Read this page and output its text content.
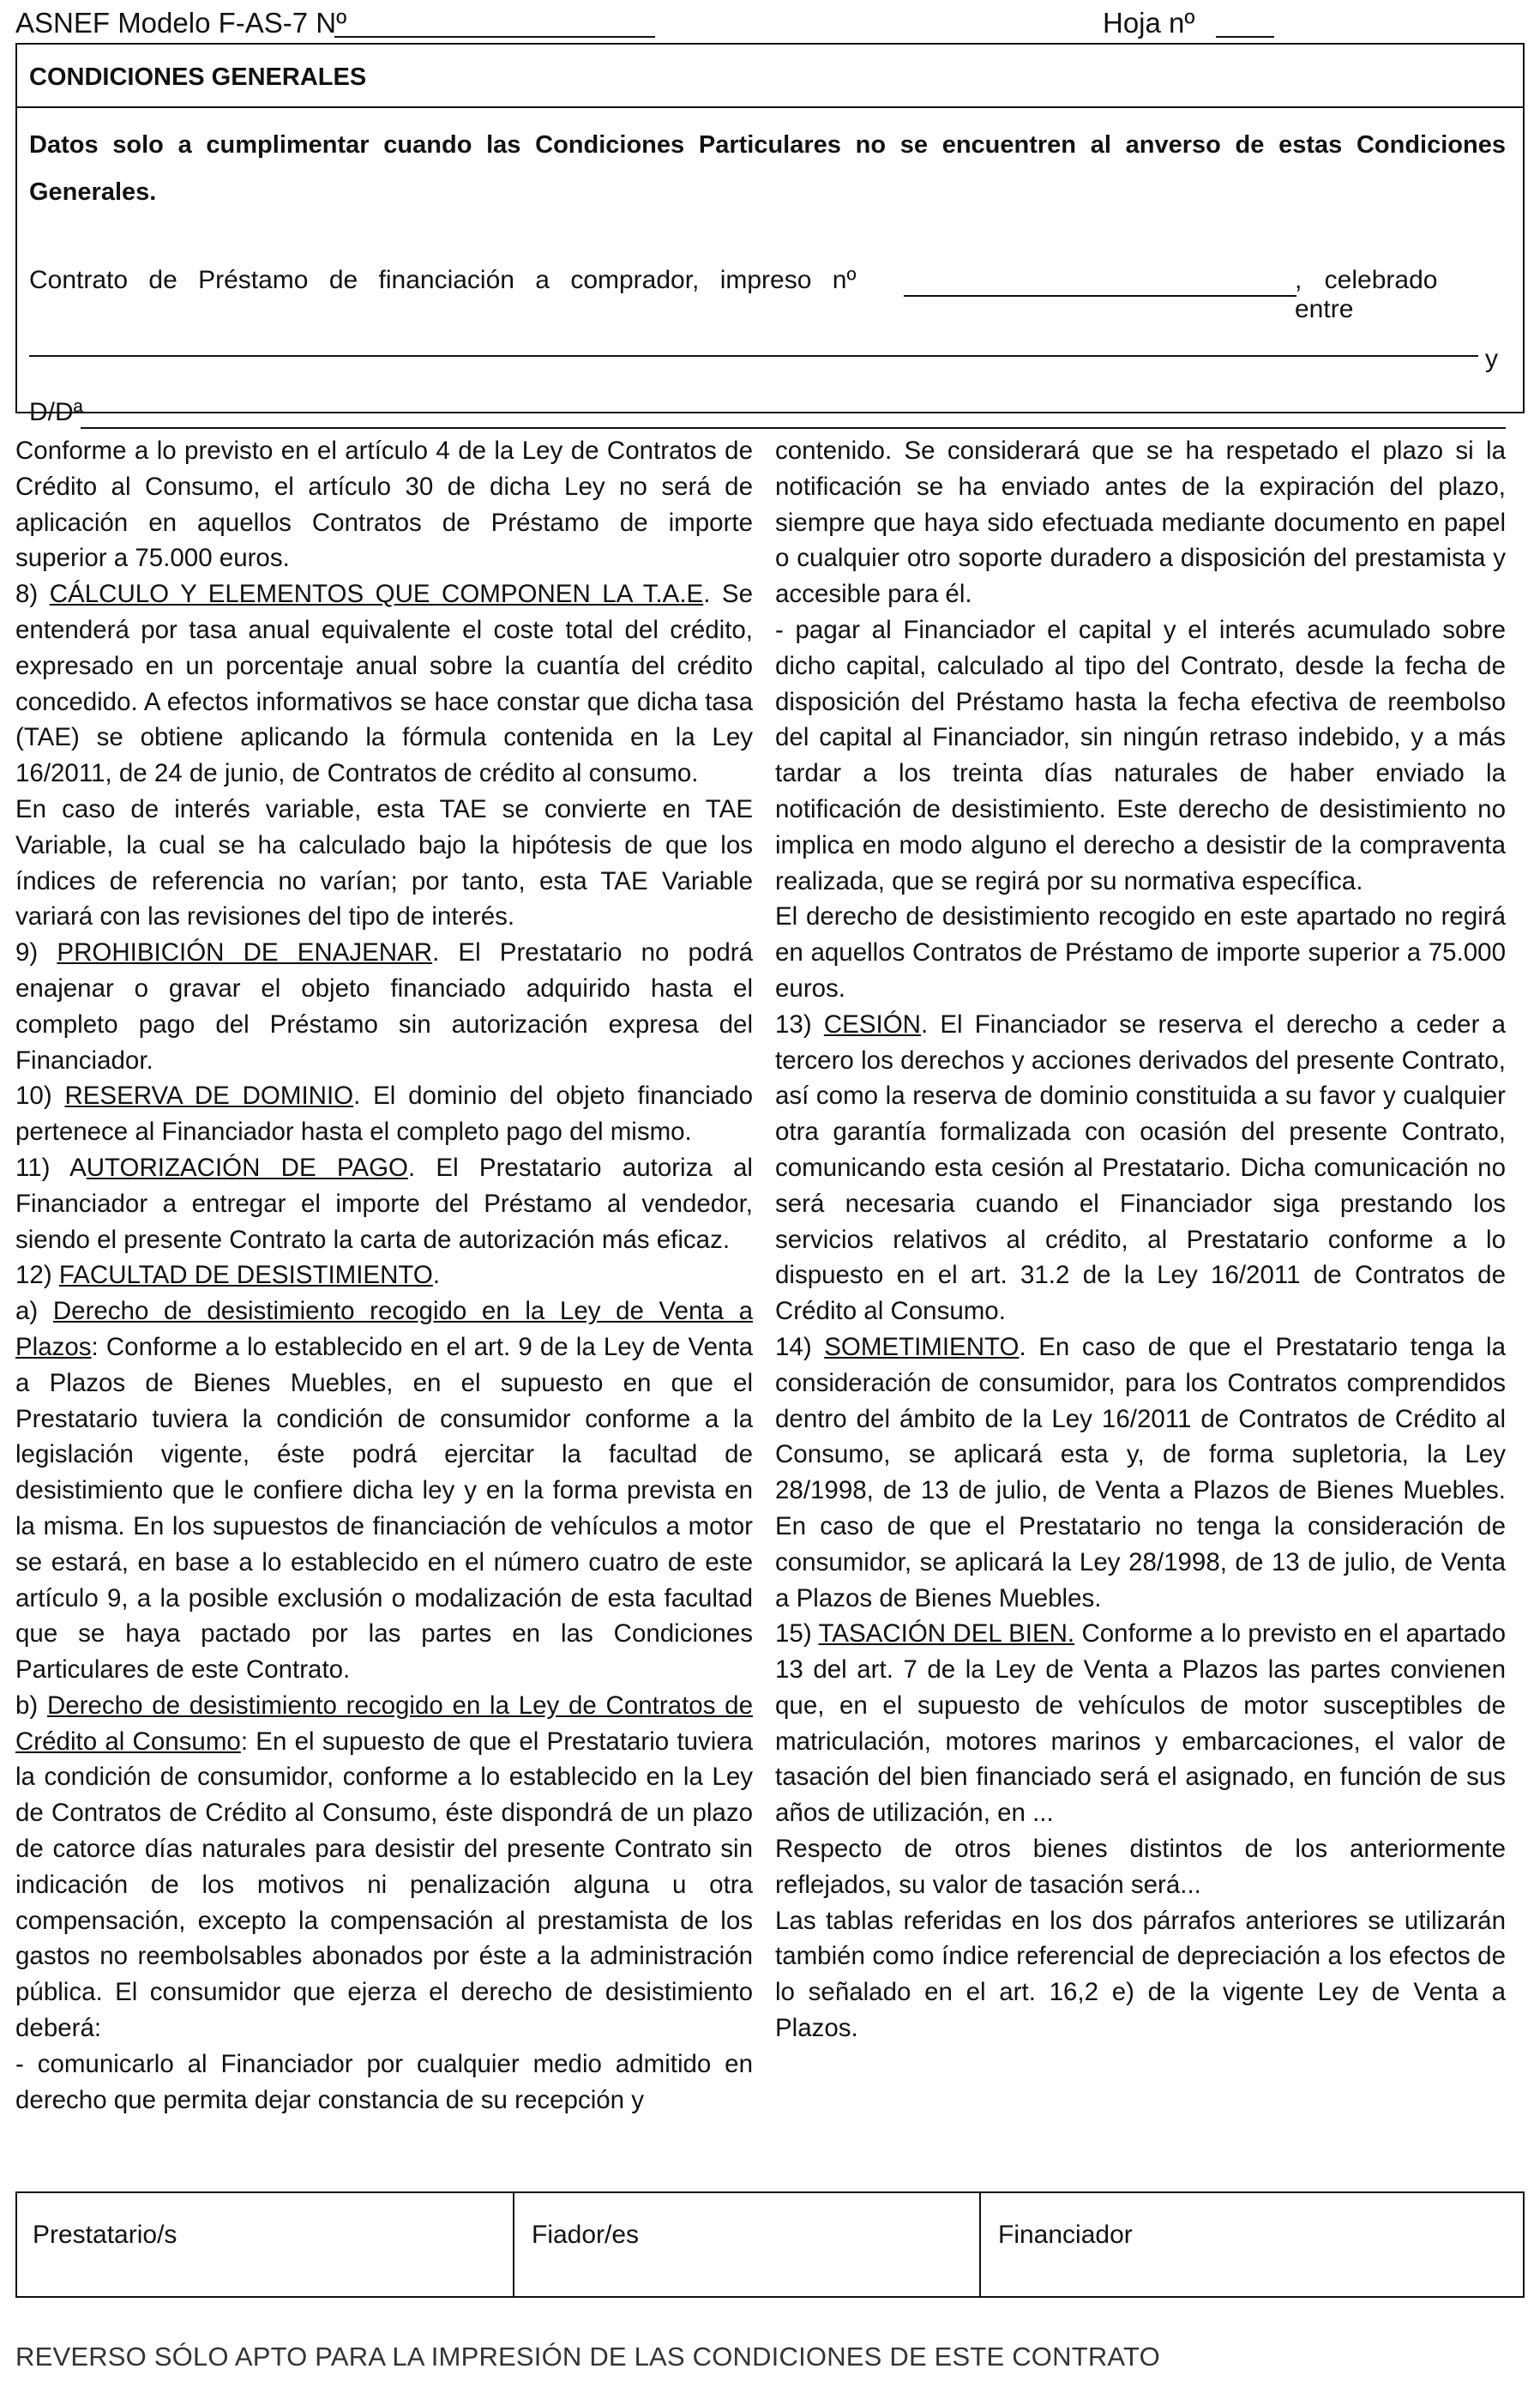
ASNEF Modelo F-AS-7 Nº	Hoja nº
CONDICIONES GENERALES
Datos solo a cumplimentar cuando las Condiciones Particulares no se encuentren al anverso de estas Condiciones Generales.
Contrato de Préstamo de financiación a comprador, impreso nº	, celebrado entre
y
D/Dª

Conforme a lo previsto en el artículo 4 de la Ley de Contratos de Crédito al Consumo, el artículo 30 de dicha Ley no será de aplicación en aquellos Contratos de Préstamo de importe superior a 75.000 euros.

8) CÁLCULO Y ELEMENTOS QUE COMPONEN LA T.A.E. Se entenderá por tasa anual equivalente el coste total del crédito, expresado en un porcentaje anual sobre la cuantía del crédito concedido. A efectos informativos se hace constar que dicha tasa (TAE) se obtiene aplicando la fórmula contenida en la Ley 16/2011, de 24 de junio, de Contratos de crédito al consumo.

En caso de interés variable, esta TAE se convierte en TAE Variable, la cual se ha calculado bajo la hipótesis de que los índices de referencia no varían; por tanto, esta TAE Variable variará con las revisiones del tipo de interés.

9) PROHIBICIÓN DE ENAJENAR. El Prestatario no podrá enajenar o gravar el objeto financiado adquirido hasta el completo pago del Préstamo sin autorización expresa del Financiador.

10) RESERVA DE DOMINIO. El dominio del objeto financiado pertenece al Financiador hasta el completo pago del mismo.

11) AUTORIZACIÓN DE PAGO. El Prestatario autoriza al Financiador a entregar el importe del Préstamo al vendedor, siendo el presente Contrato la carta de autorización más eficaz.

12) FACULTAD DE DESISTIMIENTO.

a) Derecho de desistimiento recogido en la Ley de Venta a Plazos: Conforme a lo establecido en el art. 9 de la Ley de Venta a Plazos de Bienes Muebles, en el supuesto en que el Prestatario tuviera la condición de consumidor conforme a la legislación vigente, éste podrá ejercitar la facultad de desistimiento que le confiere dicha ley y en la forma prevista en la misma. En los supuestos de financiación de vehículos a motor se estará, en base a lo establecido en el número cuatro de este artículo 9, a la posible exclusión o modalización de esta facultad que se haya pactado por las partes en las Condiciones Particulares de este Contrato.

b) Derecho de desistimiento recogido en la Ley de Contratos de Crédito al Consumo: En el supuesto de que el Prestatario tuviera la condición de consumidor, conforme a lo establecido en la Ley de Contratos de Crédito al Consumo, éste dispondrá de un plazo de catorce días naturales para desistir del presente Contrato sin indicación de los motivos ni penalización alguna u otra compensación, excepto la compensación al prestamista de los gastos no reembolsables abonados por éste a la administración pública. El consumidor que ejerza el derecho de desistimiento deberá:

- comunicarlo al Financiador por cualquier medio admitido en derecho que permita dejar constancia de su recepción y

contenido. Se considerará que se ha respetado el plazo si la notificación se ha enviado antes de la expiración del plazo, siempre que haya sido efectuada mediante documento en papel o cualquier otro soporte duradero a disposición del prestamista y accesible para él.

- pagar al Financiador el capital y el interés acumulado sobre dicho capital, calculado al tipo del Contrato, desde la fecha de disposición del Préstamo hasta la fecha efectiva de reembolso del capital al Financiador, sin ningún retraso indebido, y a más tardar a los treinta días naturales de haber enviado la notificación de desistimiento. Este derecho de desistimiento no implica en modo alguno el derecho a desistir de la compraventa realizada, que se regirá por su normativa específica.

El derecho de desistimiento recogido en este apartado no regirá en aquellos Contratos de Préstamo de importe superior a 75.000 euros.

13) CESIÓN. El Financiador se reserva el derecho a ceder a tercero los derechos y acciones derivados del presente Contrato, así como la reserva de dominio constituida a su favor y cualquier otra garantía formalizada con ocasión del presente Contrato, comunicando esta cesión al Prestatario. Dicha comunicación no será necesaria cuando el Financiador siga prestando los servicios relativos al crédito, al Prestatario conforme a lo dispuesto en el art. 31.2 de la Ley 16/2011 de Contratos de Crédito al Consumo.

14) SOMETIMIENTO. En caso de que el Prestatario tenga la consideración de consumidor, para los Contratos comprendidos dentro del ámbito de la Ley 16/2011 de Contratos de Crédito al Consumo, se aplicará esta y, de forma supletoria, la Ley 28/1998, de 13 de julio, de Venta a Plazos de Bienes Muebles. En caso de que el Prestatario no tenga la consideración de consumidor, se aplicará la Ley 28/1998, de 13 de julio, de Venta a Plazos de Bienes Muebles.

15) TASACIÓN DEL BIEN. Conforme a lo previsto en el apartado 13 del art. 7 de la Ley de Venta a Plazos las partes convienen que, en el supuesto de vehículos de motor susceptibles de matriculación, motores marinos y embarcaciones, el valor de tasación del bien financiado será el asignado, en función de sus años de utilización, en ...

Respecto de otros bienes distintos de los anteriormente reflejados, su valor de tasación será...

Las tablas referidas en los dos párrafos anteriores se utilizarán también como índice referencial de depreciación a los efectos de lo señalado en el art. 16,2 e) de la vigente Ley de Venta a Plazos.

Prestatario/s	Fiador/es	Financiador
REVERSO SÓLO APTO PARA LA IMPRESIÓN DE LAS CONDICIONES DE ESTE CONTRATO
